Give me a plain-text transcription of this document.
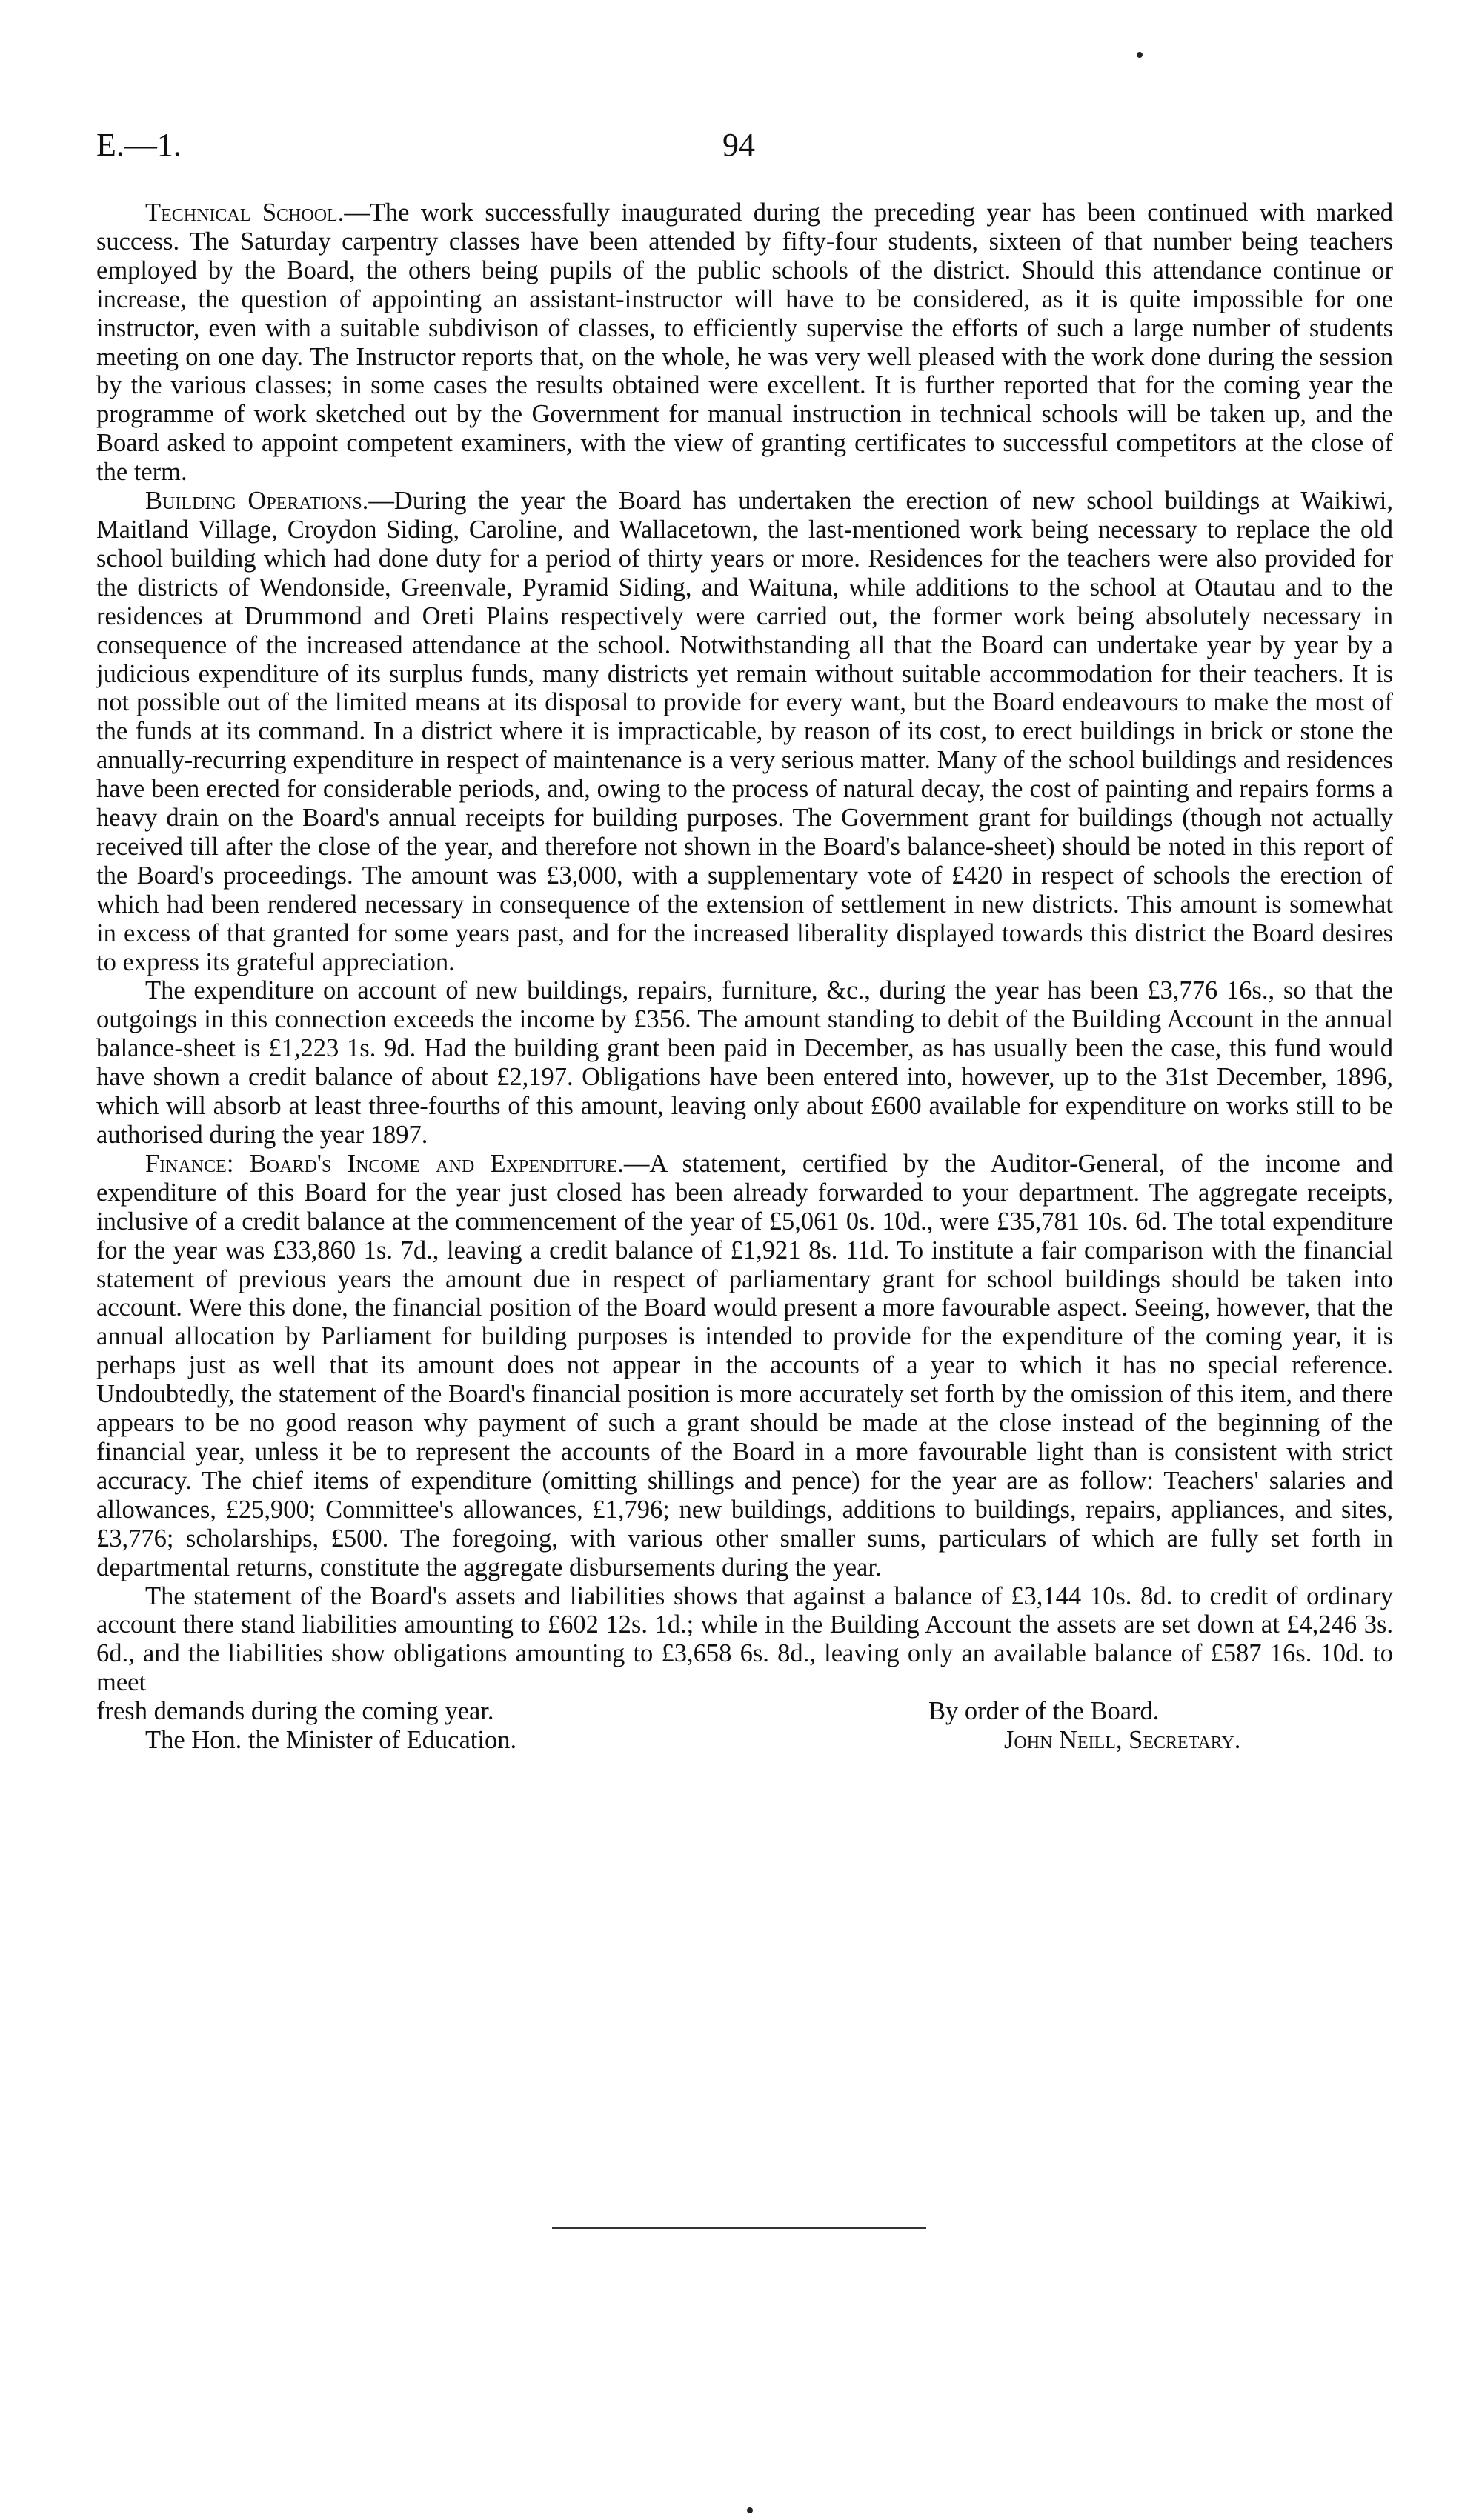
E.—1.	94

Technical School.—The work successfully inaugurated during the preceding year has been continued with marked success. The Saturday carpentry classes have been attended by fifty-four students, sixteen of that number being teachers employed by the Board, the others being pupils of the public schools of the district. Should this attendance continue or increase, the question of appointing an assistant-instructor will have to be considered, as it is quite impossible for one instructor, even with a suitable subdivison of classes, to efficiently supervise the efforts of such a large number of students meeting on one day. The Instructor reports that, on the whole, he was very well pleased with the work done during the session by the various classes; in some cases the results obtained were excellent. It is further reported that for the coming year the programme of work sketched out by the Government for manual instruction in technical schools will be taken up, and the Board asked to appoint competent examiners, with the view of granting certificates to successful competitors at the close of the term.

Building Operations.—During the year the Board has undertaken the erection of new school buildings at Waikiwi, Maitland Village, Croydon Siding, Caroline, and Wallacetown, the last-mentioned work being necessary to replace the old school building which had done duty for a period of thirty years or more. Residences for the teachers were also provided for the districts of Wendonside, Greenvale, Pyramid Siding, and Waituna, while additions to the school at Otautau and to the residences at Drummond and Oreti Plains respectively were carried out, the former work being absolutely necessary in consequence of the increased attendance at the school. Notwithstanding all that the Board can undertake year by year by a judicious expenditure of its surplus funds, many districts yet remain without suitable accommodation for their teachers. It is not possible out of the limited means at its disposal to provide for every want, but the Board endeavours to make the most of the funds at its command. In a district where it is impracticable, by reason of its cost, to erect buildings in brick or stone the annually-recurring expenditure in respect of maintenance is a very serious matter. Many of the school buildings and residences have been erected for considerable periods, and, owing to the process of natural decay, the cost of painting and repairs forms a heavy drain on the Board's annual receipts for building purposes. The Government grant for buildings (though not actually received till after the close of the year, and therefore not shown in the Board's balance-sheet) should be noted in this report of the Board's proceedings. The amount was £3,000, with a supplementary vote of £420 in respect of schools the erection of which had been rendered necessary in consequence of the extension of settlement in new districts. This amount is somewhat in excess of that granted for some years past, and for the increased liberality displayed towards this district the Board desires to express its grateful appreciation.

The expenditure on account of new buildings, repairs, furniture, &c., during the year has been £3,776 16s., so that the outgoings in this connection exceeds the income by £356. The amount standing to debit of the Building Account in the annual balance-sheet is £1,223 1s. 9d. Had the building grant been paid in December, as has usually been the case, this fund would have shown a credit balance of about £2,197. Obligations have been entered into, however, up to the 31st December, 1896, which will absorb at least three-fourths of this amount, leaving only about £600 available for expenditure on works still to be authorised during the year 1897.

Finance: Board's Income and Expenditure.—A statement, certified by the Auditor-General, of the income and expenditure of this Board for the year just closed has been already forwarded to your department. The aggregate receipts, inclusive of a credit balance at the commencement of the year of £5,061 0s. 10d., were £35,781 10s. 6d. The total expenditure for the year was £33,860 1s. 7d., leaving a credit balance of £1,921 8s. 11d. To institute a fair comparison with the financial statement of previous years the amount due in respect of parliamentary grant for school buildings should be taken into account. Were this done, the financial position of the Board would present a more favourable aspect. Seeing, however, that the annual allocation by Parliament for building purposes is intended to provide for the expenditure of the coming year, it is perhaps just as well that its amount does not appear in the accounts of a year to which it has no special reference. Undoubtedly, the statement of the Board's financial position is more accurately set forth by the omission of this item, and there appears to be no good reason why payment of such a grant should be made at the close instead of the beginning of the financial year, unless it be to represent the accounts of the Board in a more favourable light than is consistent with strict accuracy. The chief items of expenditure (omitting shillings and pence) for the year are as follow: Teachers' salaries and allowances, £25,900; Committee's allowances, £1,796; new buildings, additions to buildings, repairs, appliances, and sites, £3,776; scholarships, £500. The foregoing, with various other smaller sums, particulars of which are fully set forth in departmental returns, constitute the aggregate disbursements during the year.

The statement of the Board's assets and liabilities shows that against a balance of £3,144 10s. 8d. to credit of ordinary account there stand liabilities amounting to £602 12s. 1d.; while in the Building Account the assets are set down at £4,246 3s. 6d., and the liabilities show obligations amounting to £3,658 6s. 8d., leaving only an available balance of £587 16s. 10d. to meet

fresh demands during the coming year.	By order of the Board.
The Hon. the Minister of Education.	John Neill, Secretary.
